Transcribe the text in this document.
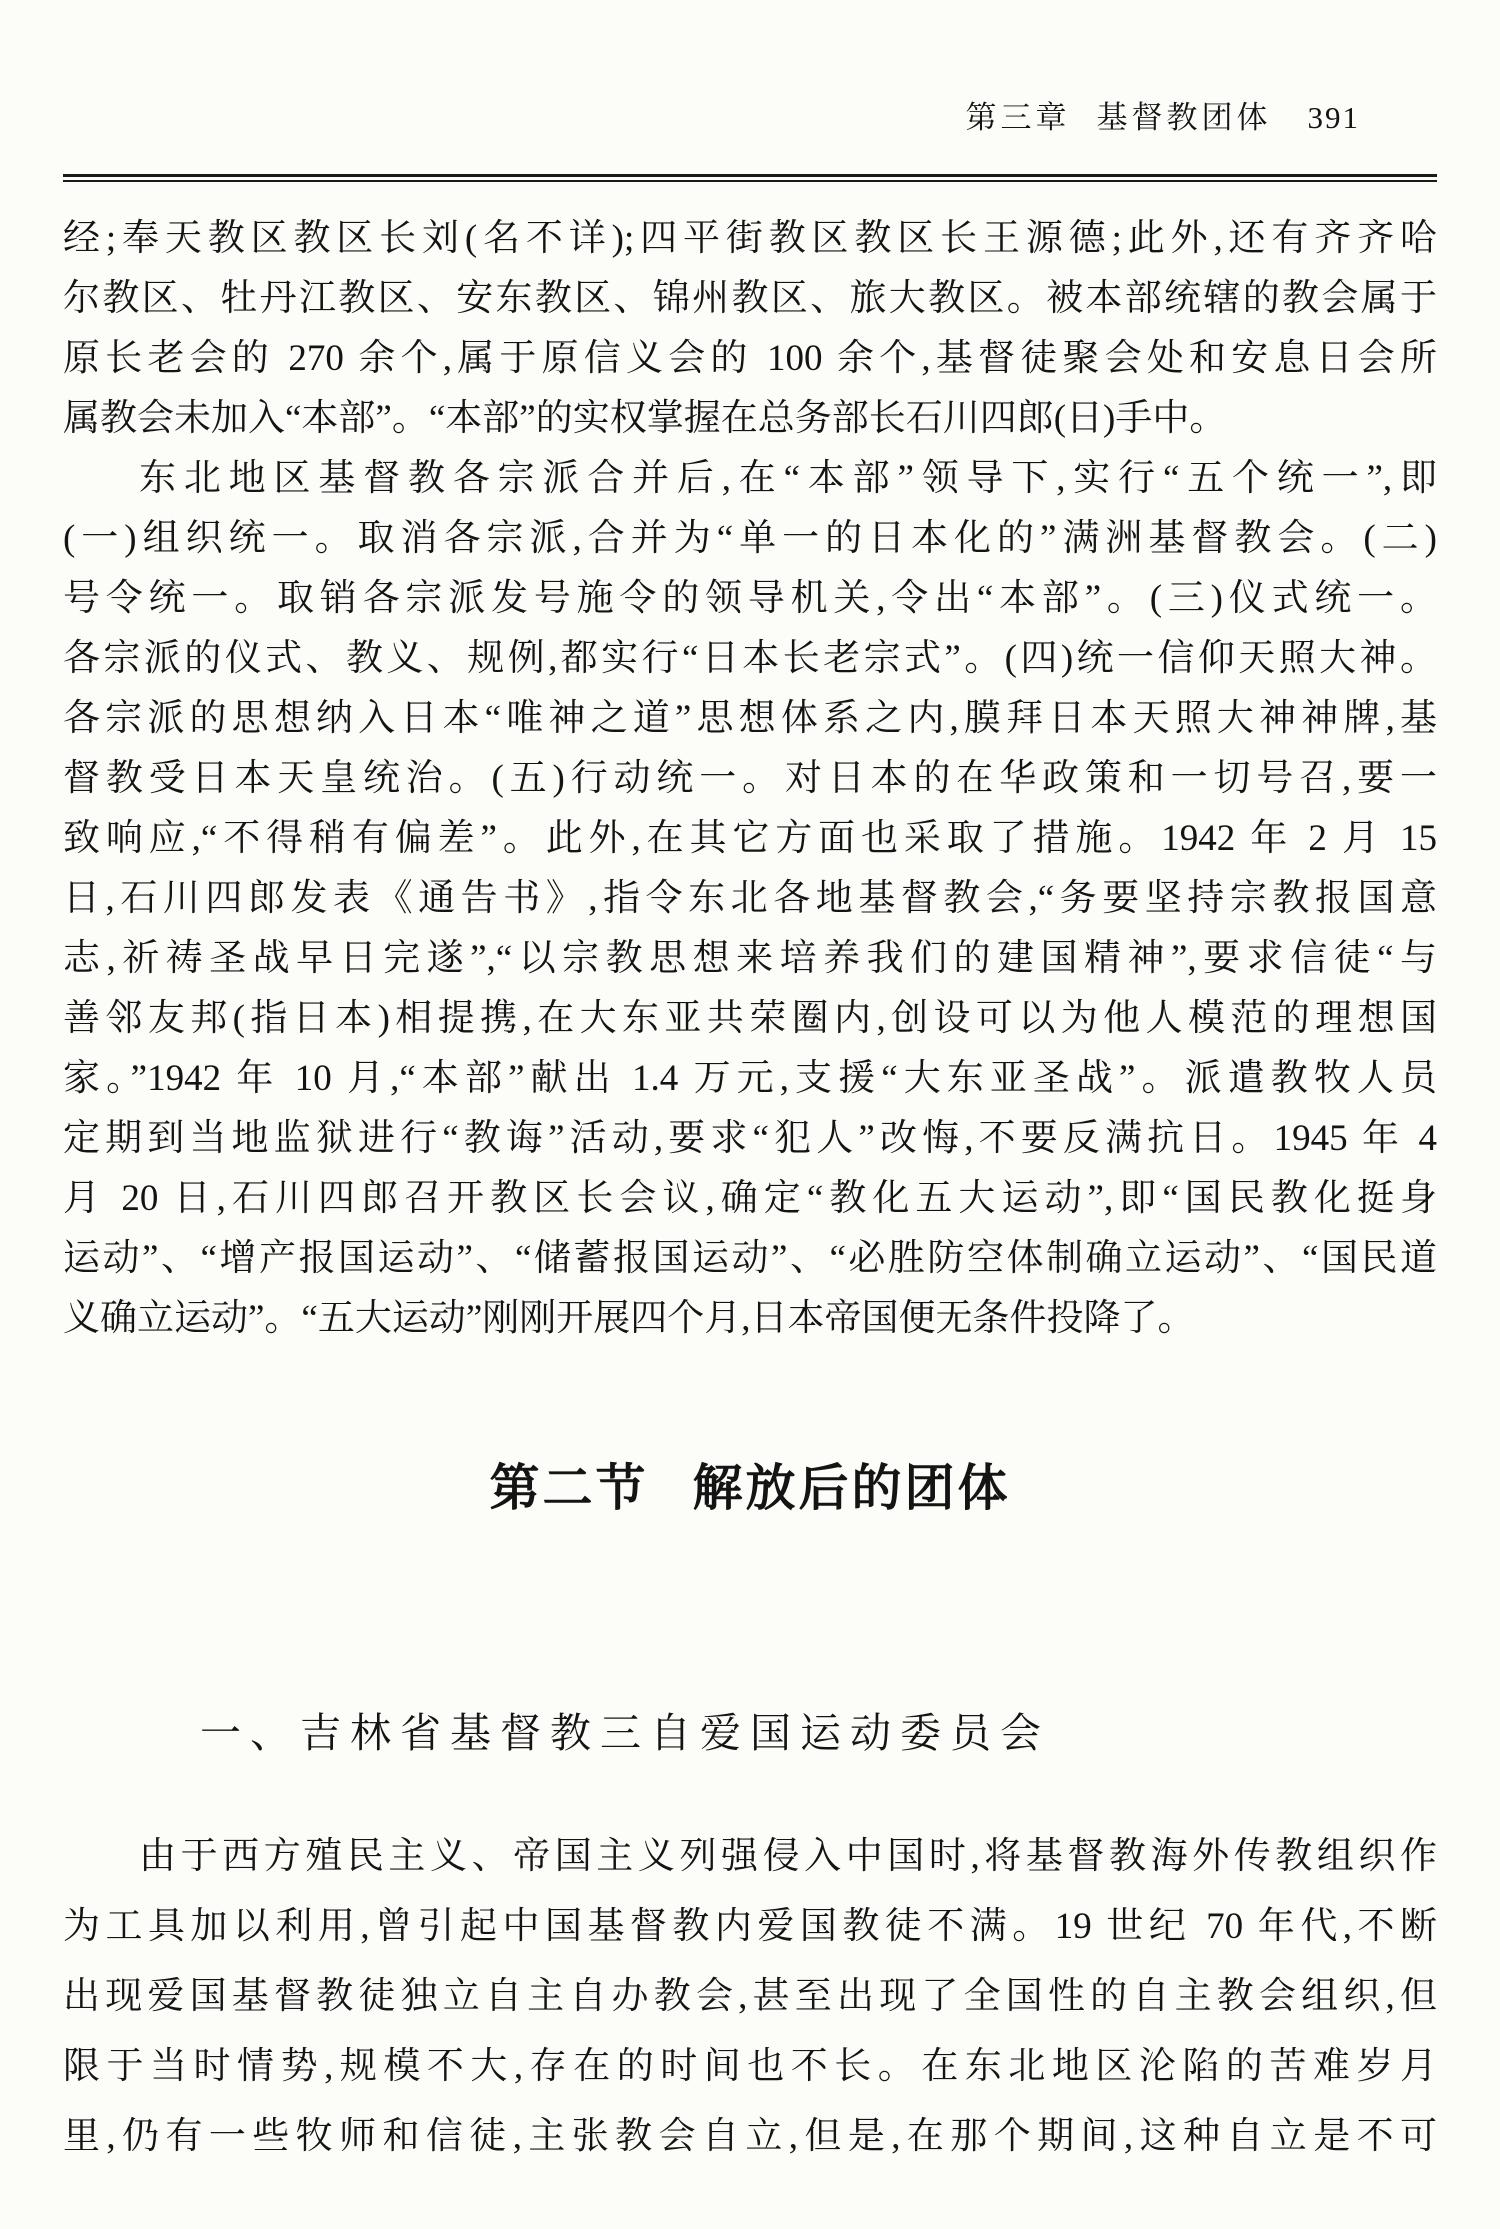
第三章 基督教团体 391
经;奉天教区教区长刘(名不详);四平街教区教区长王源德;此外,还有齐齐哈
尔教区、牡丹江教区、安东教区、锦州教区、旅大教区。被本部统辖的教会属于
原长老会的 270 余个,属于原信义会的 100 余个,基督徒聚会处和安息日会所
属教会未加入“本部”。“本部”的实权掌握在总务部长石川四郎(日)手中。
东北地区基督教各宗派合并后,在“本部”领导下,实行“五个统一”,即
(一)组织统一。取消各宗派,合并为“单一的日本化的”满洲基督教会。(二)
号令统一。取销各宗派发号施令的领导机关,令出“本部”。(三)仪式统一。
各宗派的仪式、教义、规例,都实行“日本长老宗式”。(四)统一信仰天照大神。
各宗派的思想纳入日本“唯神之道”思想体系之内,膜拜日本天照大神神牌,基
督教受日本天皇统治。(五)行动统一。对日本的在华政策和一切号召,要一
致响应,“不得稍有偏差”。此外,在其它方面也采取了措施。1942 年 2 月 15
日,石川四郎发表《通告书》,指令东北各地基督教会,“务要坚持宗教报国意
志,祈祷圣战早日完遂”,“以宗教思想来培养我们的建国精神”,要求信徒“与
善邻友邦(指日本)相提携,在大东亚共荣圈内,创设可以为他人模范的理想国
家。”1942 年 10 月,“本部”献出 1.4 万元,支援“大东亚圣战”。派遣教牧人员
定期到当地监狱进行“教诲”活动,要求“犯人”改悔,不要反满抗日。1945 年 4
月 20 日,石川四郎召开教区长会议,确定“教化五大运动”,即“国民教化挺身
运动”、“增产报国运动”、“储蓄报国运动”、“必胜防空体制确立运动”、“国民道
义确立运动”。“五大运动”刚刚开展四个月,日本帝国便无条件投降了。
第二节 解放后的团体
一、吉林省基督教三自爱国运动委员会
由于西方殖民主义、帝国主义列强侵入中国时,将基督教海外传教组织作
为工具加以利用,曾引起中国基督教内爱国教徒不满。19 世纪 70 年代,不断
出现爱国基督教徒独立自主自办教会,甚至出现了全国性的自主教会组织,但
限于当时情势,规模不大,存在的时间也不长。在东北地区沦陷的苦难岁月
里,仍有一些牧师和信徒,主张教会自立,但是,在那个期间,这种自立是不可
